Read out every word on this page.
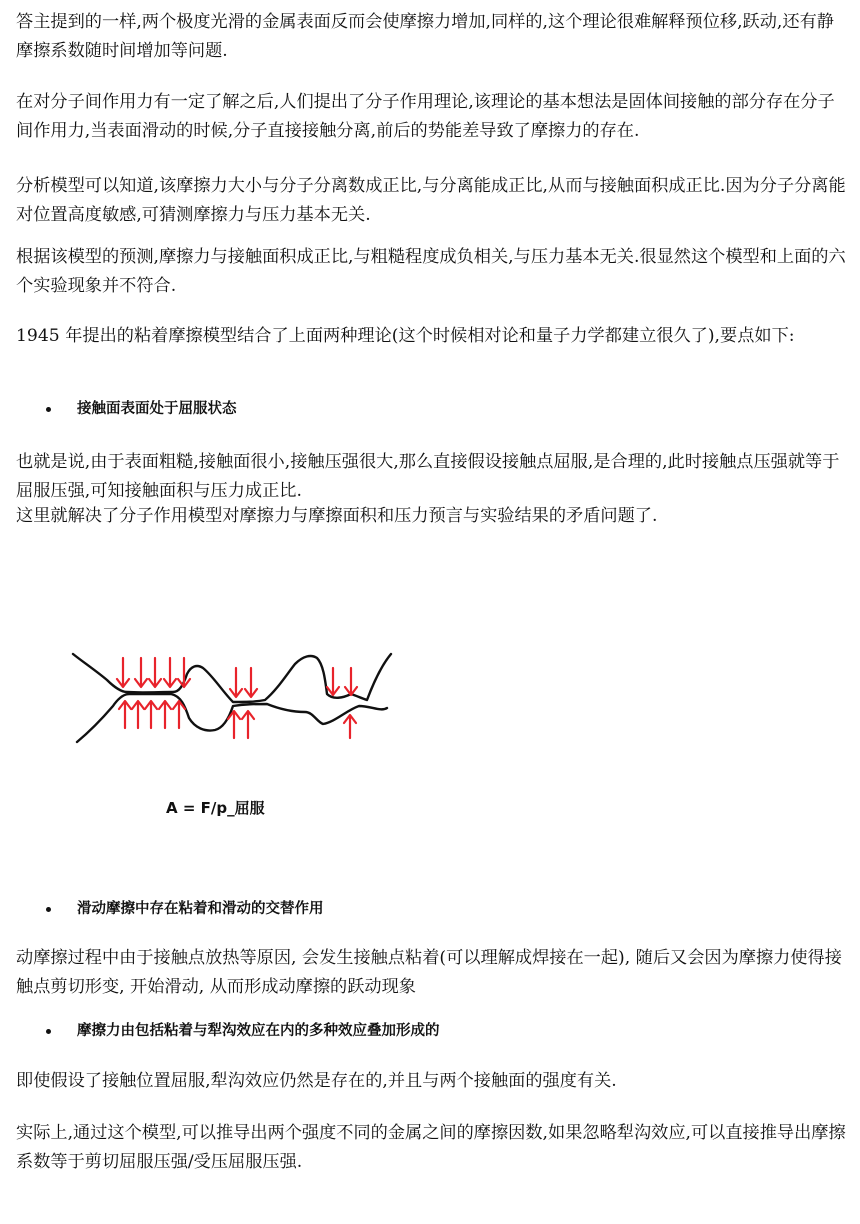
答主提到的一样,两个极度光滑的金属表面反而会使摩擦力增加,同样的,这个理论很难解释预位移,跃动,还有静摩擦系数随时间增加等问题.

在对分子间作用力有一定了解之后,人们提出了分子作用理论,该理论的基本想法是固体间接触的部分存在分子间作用力,当表面滑动的时候,分子直接接触分离,前后的势能差导致了摩擦力的存在.

分析模型可以知道,该摩擦力大小与分子分离数成正比,与分离能成正比,从而与接触面积成正比.因为分子分离能对位置高度敏感,可猜测摩擦力与压力基本无关.

根据该模型的预测,摩擦力与接触面积成正比,与粗糙程度成负相关,与压力基本无关.很显然这个模型和上面的六个实验现象并不符合.

1945 年提出的粘着摩擦模型结合了上面两种理论(这个时候相对论和量子力学都建立很久了),要点如下:

接触面表面处于屈服状态

也就是说,由于表面粗糙,接触面很小,接触压强很大,那么直接假设接触点屈服,是合理的,此时接触点压强就等于屈服压强,可知接触面积与压力成正比.

这里就解决了分子作用模型对摩擦力与摩擦面积和压力预言与实验结果的矛盾问题了.

A = F/p_屈服
滑动摩擦中存在粘着和滑动的交替作用

动摩擦过程中由于接触点放热等原因, 会发生接触点粘着(可以理解成焊接在一起), 随后又会因为摩擦力使得接触点剪切形变, 开始滑动, 从而形成动摩擦的跃动现象

摩擦力由包括粘着与犁沟效应在内的多种效应叠加形成的

即使假设了接触位置屈服,犁沟效应仍然是存在的,并且与两个接触面的强度有关.

实际上,通过这个模型,可以推导出两个强度不同的金属之间的摩擦因数,如果忽略犁沟效应,可以直接推导出摩擦系数等于剪切屈服压强/受压屈服压强.
